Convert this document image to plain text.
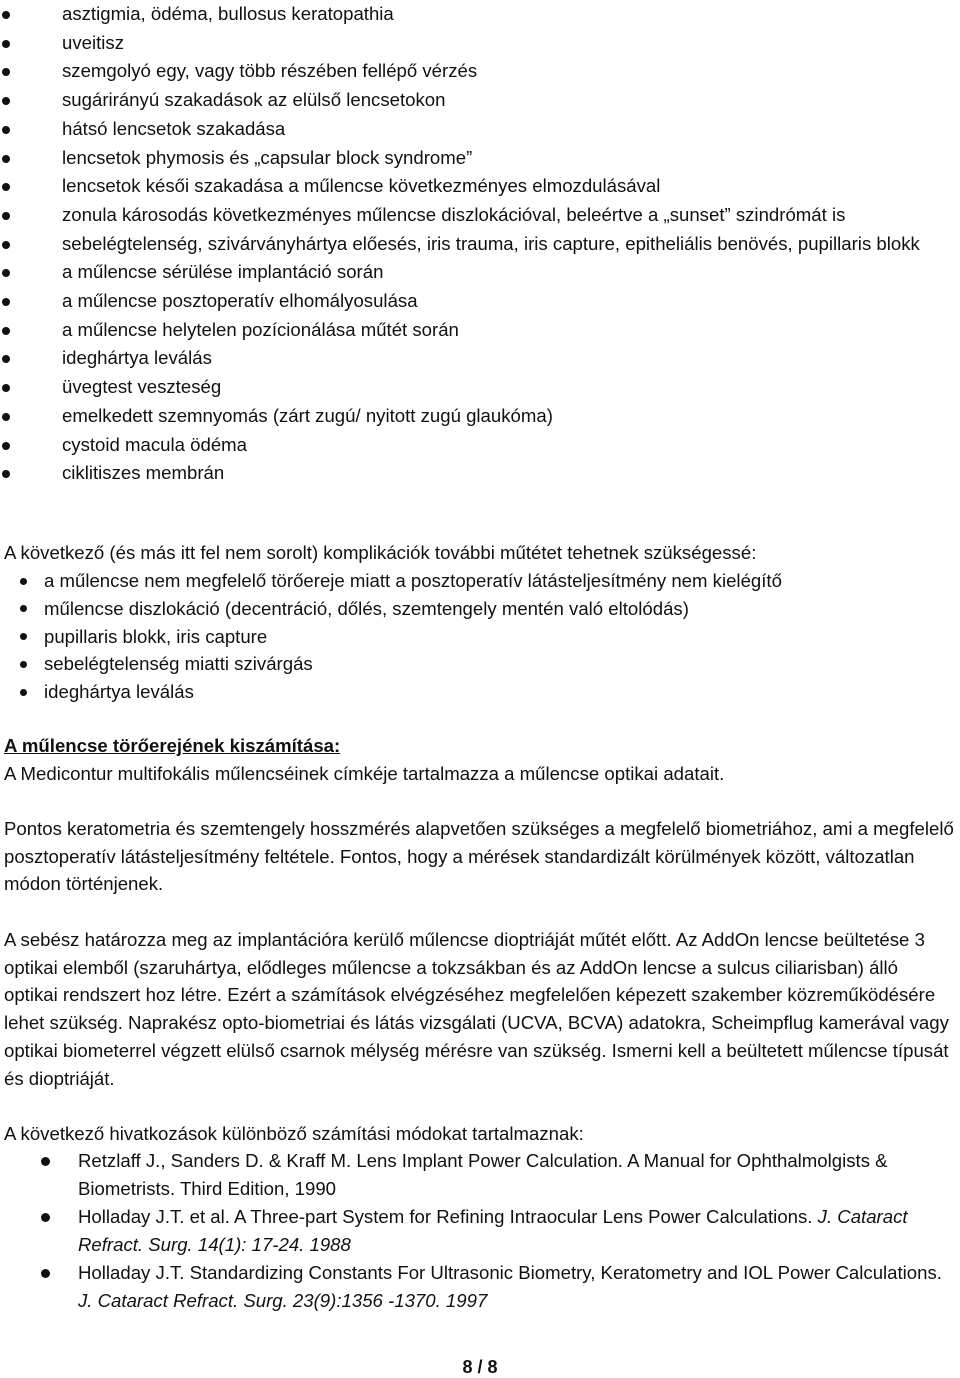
asztigmia, ödéma, bullosus keratopathia
uveitisz
szemgolyó egy, vagy több részében fellépő vérzés
sugárirányú szakadások az elülső lencsetokon
hátsó lencsetok szakadása
lencsetok phymosis és „capsular block syndrome”
lencsetok késői szakadása a műlencse következményes elmozdulásával
zonula károsodás következményes műlencse diszlokációval, beleértve a „sunset” szindrómát is
sebelégtelenség, szivárványhártya előesés, iris trauma, iris capture, epitheliális benövés, pupillaris blokk
a műlencse sérülése implantáció során
a műlencse posztoperatív elhomályosulása
a műlencse helytelen pozícionálása műtét során
ideghártya leválás
üvegtest veszteség
emelkedett szemnyomás (zárt zugú/ nyitott zugú glaukóma)
cystoid macula ödéma
ciklitiszes membrán

A következő (és más itt fel nem sorolt) komplikációk további műtétet tehetnek szükségessé:

a műlencse nem megfelelő törőereje miatt a posztoperatív látásteljesítmény nem kielégítő
műlencse diszlokáció (decentráció, dőlés, szemtengely mentén való eltolódás)
pupillaris blokk, iris capture
sebelégtelenség miatti szivárgás
ideghártya leválás

A műlencse törőerejének kiszámítása:

A Medicontur multifokális műlencséinek címkéje tartalmazza a műlencse optikai adatait.

Pontos keratometria és szemtengely hosszmérés alapvetően szükséges a megfelelő biometriához, ami a megfelelő posztoperatív látásteljesítmény feltétele. Fontos, hogy a mérések standardizált körülmények között, változatlan módon történjenek.

A sebész határozza meg az implantációra kerülő műlencse dioptriáját műtét előtt. Az AddOn lencse beültetése 3 optikai elemből (szaruhártya, elődleges műlencse a tokzsákban és az AddOn lencse a sulcus ciliarisban) álló optikai rendszert hoz létre. Ezért a számítások elvégzéséhez megfelelően képezett szakember közreműködésére lehet szükség. Naprakész opto-biometriai és látás vizsgálati (UCVA, BCVA) adatokra, Scheimpflug kamerával vagy optikai biometerrel végzett elülső csarnok mélység mérésre van szükség. Ismerni kell a beültetett műlencse típusát és dioptriáját.

A következő hivatkozások különböző számítási módokat tartalmaznak:

Retzlaff J., Sanders D. & Kraff M. Lens Implant Power Calculation. A Manual for Ophthalmolgists & Biometrists. Third Edition, 1990
Holladay J.T. et al. A Three-part System for Refining Intraocular Lens Power Calculations. J. Cataract Refract. Surg. 14(1): 17-24. 1988
Holladay J.T. Standardizing Constants For Ultrasonic Biometry, Keratometry and IOL Power Calculations. J. Cataract Refract. Surg. 23(9):1356 -1370. 1997
8 / 8
